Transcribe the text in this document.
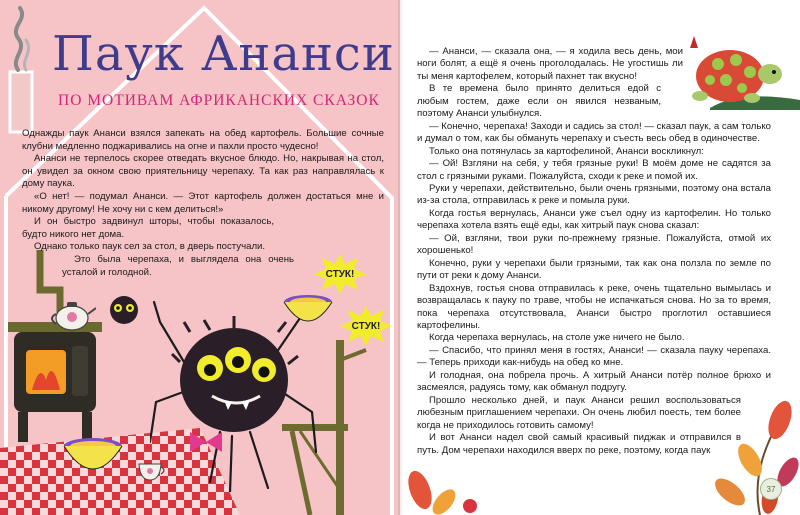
СТУК!
СТУК!
Паук Ананси
ПО МОТИВАМ АФРИКАНСКИХ СКАЗОК

Однажды паук Ананси взялся запекать на обед картофель. Большие сочные клубни медленно поджаривались на огне и пахли просто чудесно!

Ананси не терпелось скорее отведать вкусное блюдо. Но, накрывая на стол, он увидел за окном свою приятельницу черепаху. Та как раз направлялась к дому паука.

«О нет! — подумал Ананси. — Этот картофель должен достаться мне и никому другому! Не хочу ни с кем делиться!»

И он быстро задвинул шторы, чтобы показалось, будто никого нет дома.

Однако только паук сел за стол, в дверь постучали.

Это была черепаха, и выглядела она очень усталой и голодной.

— Ананси, — сказала она, — я ходила весь день, мои ноги болят, а ещё я очень проголодалась. Не угостишь ли ты меня картофелем, который пахнет так вкусно!

В те времена было принято делиться едой с любым гостем, даже если он явился незваным, поэтому Ананси улыбнулся.

— Конечно, черепаха! Заходи и садись за стол! — сказал паук, а сам только и думал о том, как бы обмануть черепаху и съесть весь обед в одиночестве.

Только она потянулась за картофелиной, Ананси воскликнул:

— Ой! Взгляни на себя, у тебя грязные руки! В моём доме не садятся за стол с грязными руками. Пожалуйста, сходи к реке и помой их.

Руки у черепахи, действительно, были очень грязными, поэтому она встала из-за стола, отправилась к реке и помыла руки.

Когда гостья вернулась, Ананси уже съел одну из картофелин. Но только черепаха хотела взять ещё еды, как хитрый паук снова сказал:

— Ой, взгляни, твои руки по-прежнему грязные. Пожалуйста, отмой их хорошенько!

Конечно, руки у черепахи были грязными, так как она ползла по земле по пути от реки к дому Ананси.

Вздохнув, гостья снова отправилась к реке, очень тщательно вымылась и возвращалась к пауку по траве, чтобы не испачкаться снова. Но за то время, пока черепаха отсутствовала, Ананси быстро проглотил оставшиеся картофелины.

Когда черепаха вернулась, на столе уже ничего не было.

— Спасибо, что принял меня в гостях, Ананси! — сказала пауку черепаха. — Теперь приходи как-нибудь на обед ко мне.

И голодная, она побрела прочь. А хитрый Ананси потёр полное брюхо и засмеялся, радуясь тому, как обманул подругу.

Прошло несколько дней, и паук Ананси решил воспользоваться любезным приглашением черепахи. Он очень любил поесть, тем более когда не приходилось готовить самому!

И вот Ананси надел свой самый красивый пиджак и отправился в путь. Дом черепахи находился вверх по реке, поэтому, когда паук

37
